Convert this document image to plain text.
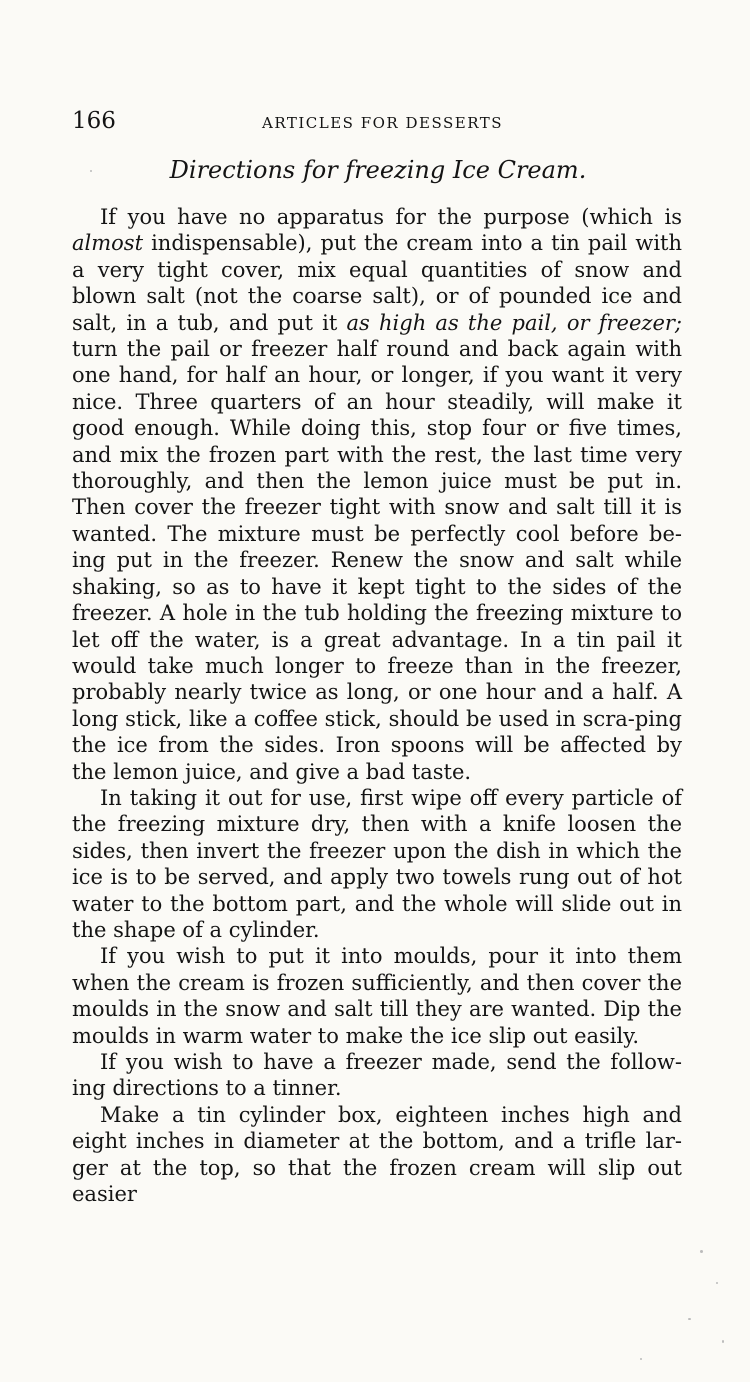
166	ARTICLES FOR DESSERTS
Directions for freezing Ice Cream.

If you have no apparatus for the purpose (which is almost indispensable), put the cream into a tin pail with a very tight cover, mix equal quantities of snow and blown salt (not the coarse salt), or of pounded ice and salt, in a tub, and put it as high as the pail, or freezer; turn the pail or freezer half round and back again with one hand, for half an hour, or longer, if you want it very nice. Three quarters of an hour steadily, will make it good enough. While doing this, stop four or five times, and mix the frozen part with the rest, the last time very thoroughly, and then the lemon juice must be put in. Then cover the freezer tight with snow and salt till it is wanted. The mixture must be perfectly cool before be-ing put in the freezer. Renew the snow and salt while shaking, so as to have it kept tight to the sides of the freezer. A hole in the tub holding the freezing mixture to let off the water, is a great advantage. In a tin pail it would take much longer to freeze than in the freezer, probably nearly twice as long, or one hour and a half. A long stick, like a coffee stick, should be used in scra-ping the ice from the sides. Iron spoons will be affected by the lemon juice, and give a bad taste.

In taking it out for use, first wipe off every particle of the freezing mixture dry, then with a knife loosen the sides, then invert the freezer upon the dish in which the ice is to be served, and apply two towels rung out of hot water to the bottom part, and the whole will slide out in the shape of a cylinder.

If you wish to put it into moulds, pour it into them when the cream is frozen sufficiently, and then cover the moulds in the snow and salt till they are wanted. Dip the moulds in warm water to make the ice slip out easily.

If you wish to have a freezer made, send the follow-ing directions to a tinner.

Make a tin cylinder box, eighteen inches high and eight inches in diameter at the bottom, and a trifle lar-ger at the top, so that the frozen cream will slip out easier
